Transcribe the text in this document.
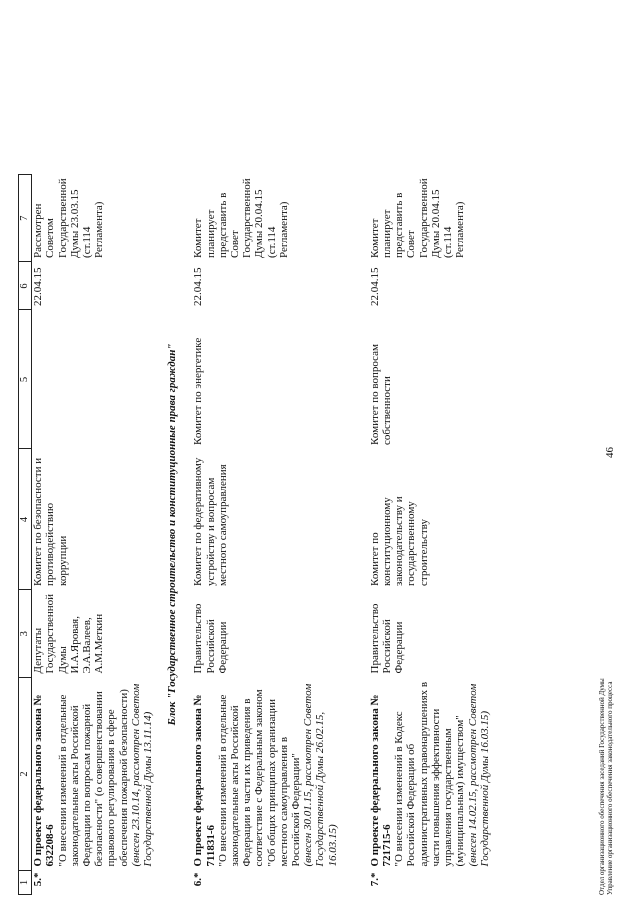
46
1	2	3	4	5	6	7
5.*	О проекте федерального закона № 632208-6 "О внесении изменений в отдельные законодательные акты Российской Федерации по вопросам пожарной безопасности" (о совершенствовании правового регулирования в сфере обеспечения пожарной безопасности) (внесен 23.10.14, рассмотрен Советом Государственной Думы 13.11.14)	Депутаты Государственной Думы И.А.Яровая, Э.А.Валеев, А.М.Меткин	Комитет по безопасности и противодействию коррупции		22.04.15	Рассмотрен Советом Государственной Думы 23.03.15 (ст.114 Регламента)
Блок "Государственное строительство и конституционные права граждан"						
6.*	О проекте федерального закона № 711831-6 "О внесении изменений в отдельные законодательные акты Российской Федерации в части их приведения в соответствие с Федеральным законом "Об общих принципах организации местного самоуправления в Российской Федерации" (внесен 30.01.15, рассмотрен Советом Государственной Думы 26.02.15, 16.03.15)	Правительство Российской Федерации	Комитет по федеративному устройству и вопросам местного самоуправления	Комитет по энергетике	22.04.15	Комитет планирует представить в Совет Государственной Думы 20.04.15 (ст.114 Регламента)

7.*	О проекте федерального закона № 721715-6 "О внесении изменений в Кодекс Российской Федерации об административных правонарушениях в части повышения эффективности управления государственным (муниципальным) имуществом" (внесен 14.02.15, рассмотрен Советом Государственной Думы 16.03.15)	Правительство Российской Федерации	Комитет по конституционному законодательству и государственному строительству	Комитет по вопросам собственности	22.04.15	Комитет планирует представить в Совет Государственной Думы 20.04.15 (ст.114 Регламента)
Отдел организационного обеспечения заседаний Государственной Думы Управление организационного обеспечения законодательного процесса
